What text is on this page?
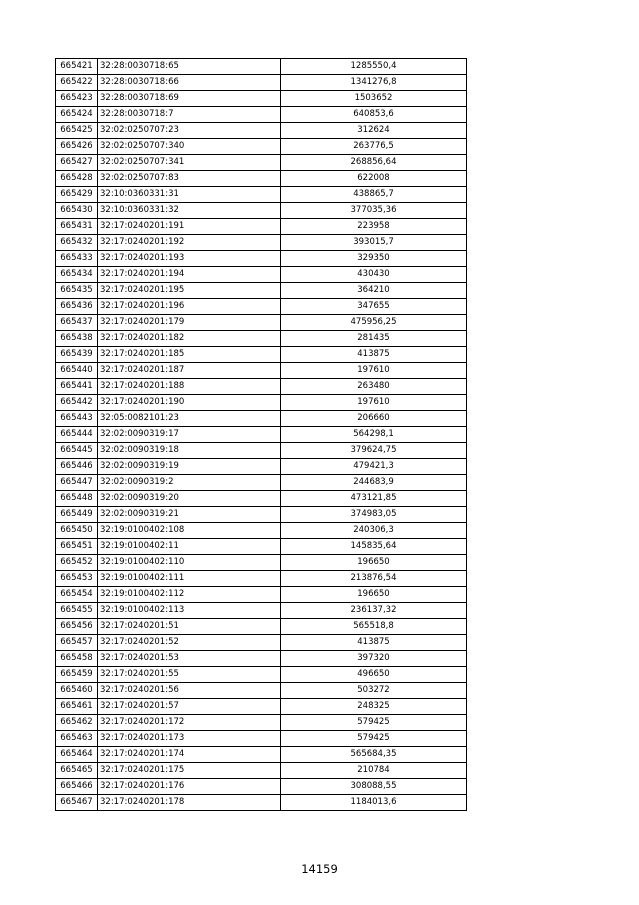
665421	32:28:0030718:65	1285550,4
665422	32:28:0030718:66	1341276,8
665423	32:28:0030718:69	1503652
665424	32:28:0030718:7	640853,6
665425	32:02:0250707:23	312624
665426	32:02:0250707:340	263776,5
665427	32:02:0250707:341	268856,64
665428	32:02:0250707:83	622008
665429	32:10:0360331:31	438865,7
665430	32:10:0360331:32	377035,36
665431	32:17:0240201:191	223958
665432	32:17:0240201:192	393015,7
665433	32:17:0240201:193	329350
665434	32:17:0240201:194	430430
665435	32:17:0240201:195	364210
665436	32:17:0240201:196	347655
665437	32:17:0240201:179	475956,25
665438	32:17:0240201:182	281435
665439	32:17:0240201:185	413875
665440	32:17:0240201:187	197610
665441	32:17:0240201:188	263480
665442	32:17:0240201:190	197610
665443	32:05:0082101:23	206660
665444	32:02:0090319:17	564298,1
665445	32:02:0090319:18	379624,75
665446	32:02:0090319:19	479421,3
665447	32:02:0090319:2	244683,9
665448	32:02:0090319:20	473121,85
665449	32:02:0090319:21	374983,05
665450	32:19:0100402:108	240306,3
665451	32:19:0100402:11	145835,64
665452	32:19:0100402:110	196650
665453	32:19:0100402:111	213876,54
665454	32:19:0100402:112	196650
665455	32:19:0100402:113	236137,32
665456	32:17:0240201:51	565518,8
665457	32:17:0240201:52	413875
665458	32:17:0240201:53	397320
665459	32:17:0240201:55	496650
665460	32:17:0240201:56	503272
665461	32:17:0240201:57	248325
665462	32:17:0240201:172	579425
665463	32:17:0240201:173	579425
665464	32:17:0240201:174	565684,35
665465	32:17:0240201:175	210784
665466	32:17:0240201:176	308088,55
665467	32:17:0240201:178	1184013,6
14159
